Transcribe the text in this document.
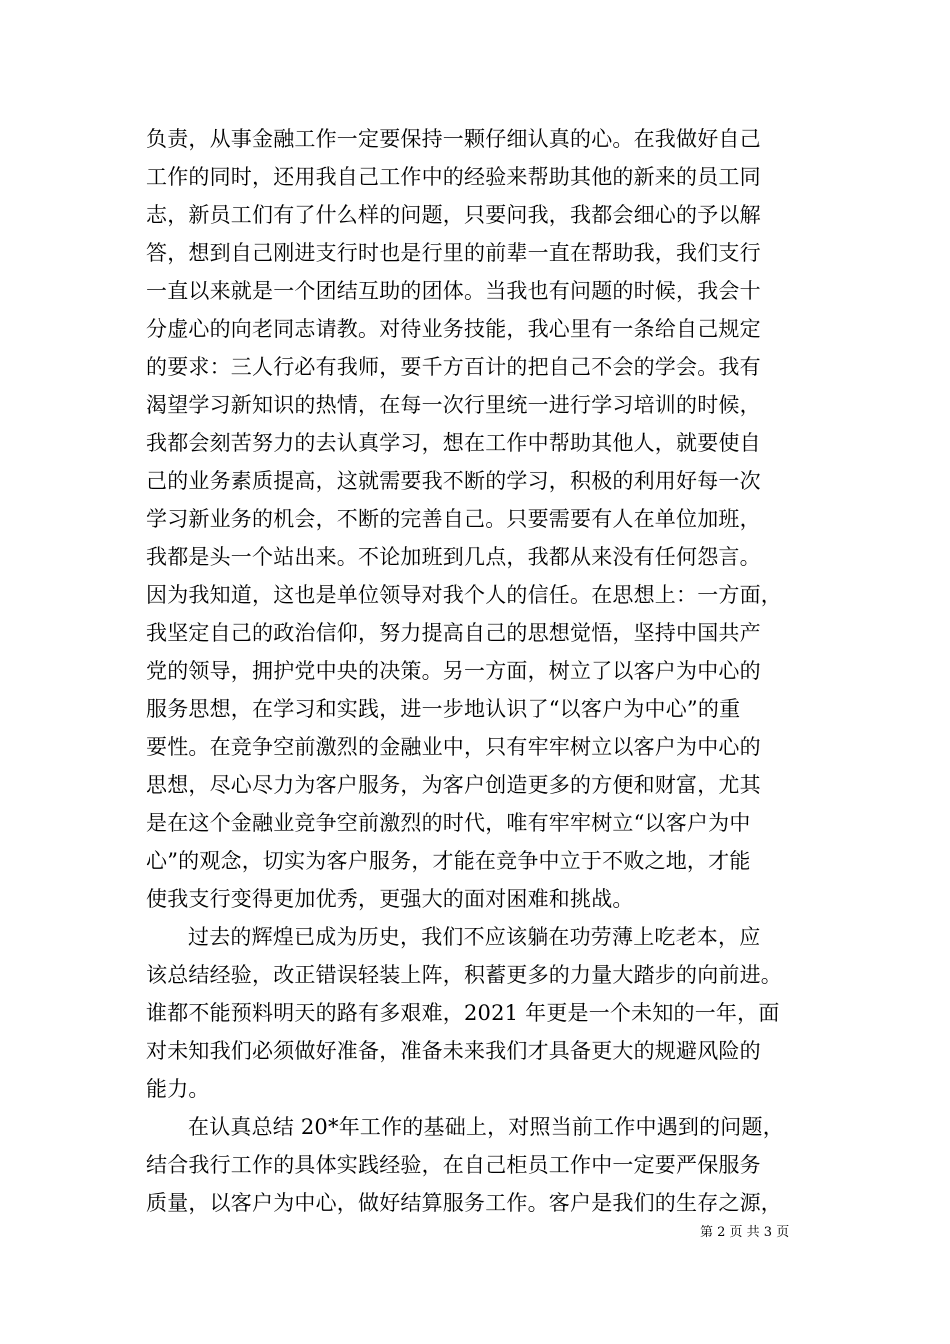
负责，从事金融工作一定要保持一颗仔细认真的心。在我做好自己
工作的同时，还用我自己工作中的经验来帮助其他的新来的员工同
志，新员工们有了什么样的问题，只要问我，我都会细心的予以解
答，想到自己刚进支行时也是行里的前辈一直在帮助我，我们支行
一直以来就是一个团结互助的团体。当我也有问题的时候，我会十
分虚心的向老同志请教。对待业务技能，我心里有一条给自己规定
的要求：三人行必有我师，要千方百计的把自己不会的学会。我有
渴望学习新知识的热情，在每一次行里统一进行学习培训的时候，
我都会刻苦努力的去认真学习，想在工作中帮助其他人，就要使自
己的业务素质提高，这就需要我不断的学习，积极的利用好每一次
学习新业务的机会，不断的完善自己。只要需要有人在单位加班，
我都是头一个站出来。不论加班到几点，我都从来没有任何怨言。
因为我知道，这也是单位领导对我个人的信任。在思想上：一方面，
我坚定自己的政治信仰，努力提高自己的思想觉悟，坚持中国共产
党的领导，拥护党中央的决策。另一方面，树立了以客户为中心的
服务思想，在学习和实践，进一步地认识了“以客户为中心”的重
要性。在竞争空前激烈的金融业中，只有牢牢树立以客户为中心的
思想，尽心尽力为客户服务，为客户创造更多的方便和财富，尤其
是在这个金融业竞争空前激烈的时代，唯有牢牢树立“以客户为中
心”的观念，切实为客户服务，才能在竞争中立于不败之地，才能
使我支行变得更加优秀，更强大的面对困难和挑战。
过去的辉煌已成为历史，我们不应该躺在功劳薄上吃老本，应
该总结经验，改正错误轻装上阵，积蓄更多的力量大踏步的向前进。
谁都不能预料明天的路有多艰难，2021 年更是一个未知的一年，面
对未知我们必须做好准备，准备未来我们才具备更大的规避风险的
能力。
在认真总结 20*年工作的基础上，对照当前工作中遇到的问题，
结合我行工作的具体实践经验，在自己柜员工作中一定要严保服务
质量，以客户为中心，做好结算服务工作。客户是我们的生存之源，
第 2 页 共 3 页
